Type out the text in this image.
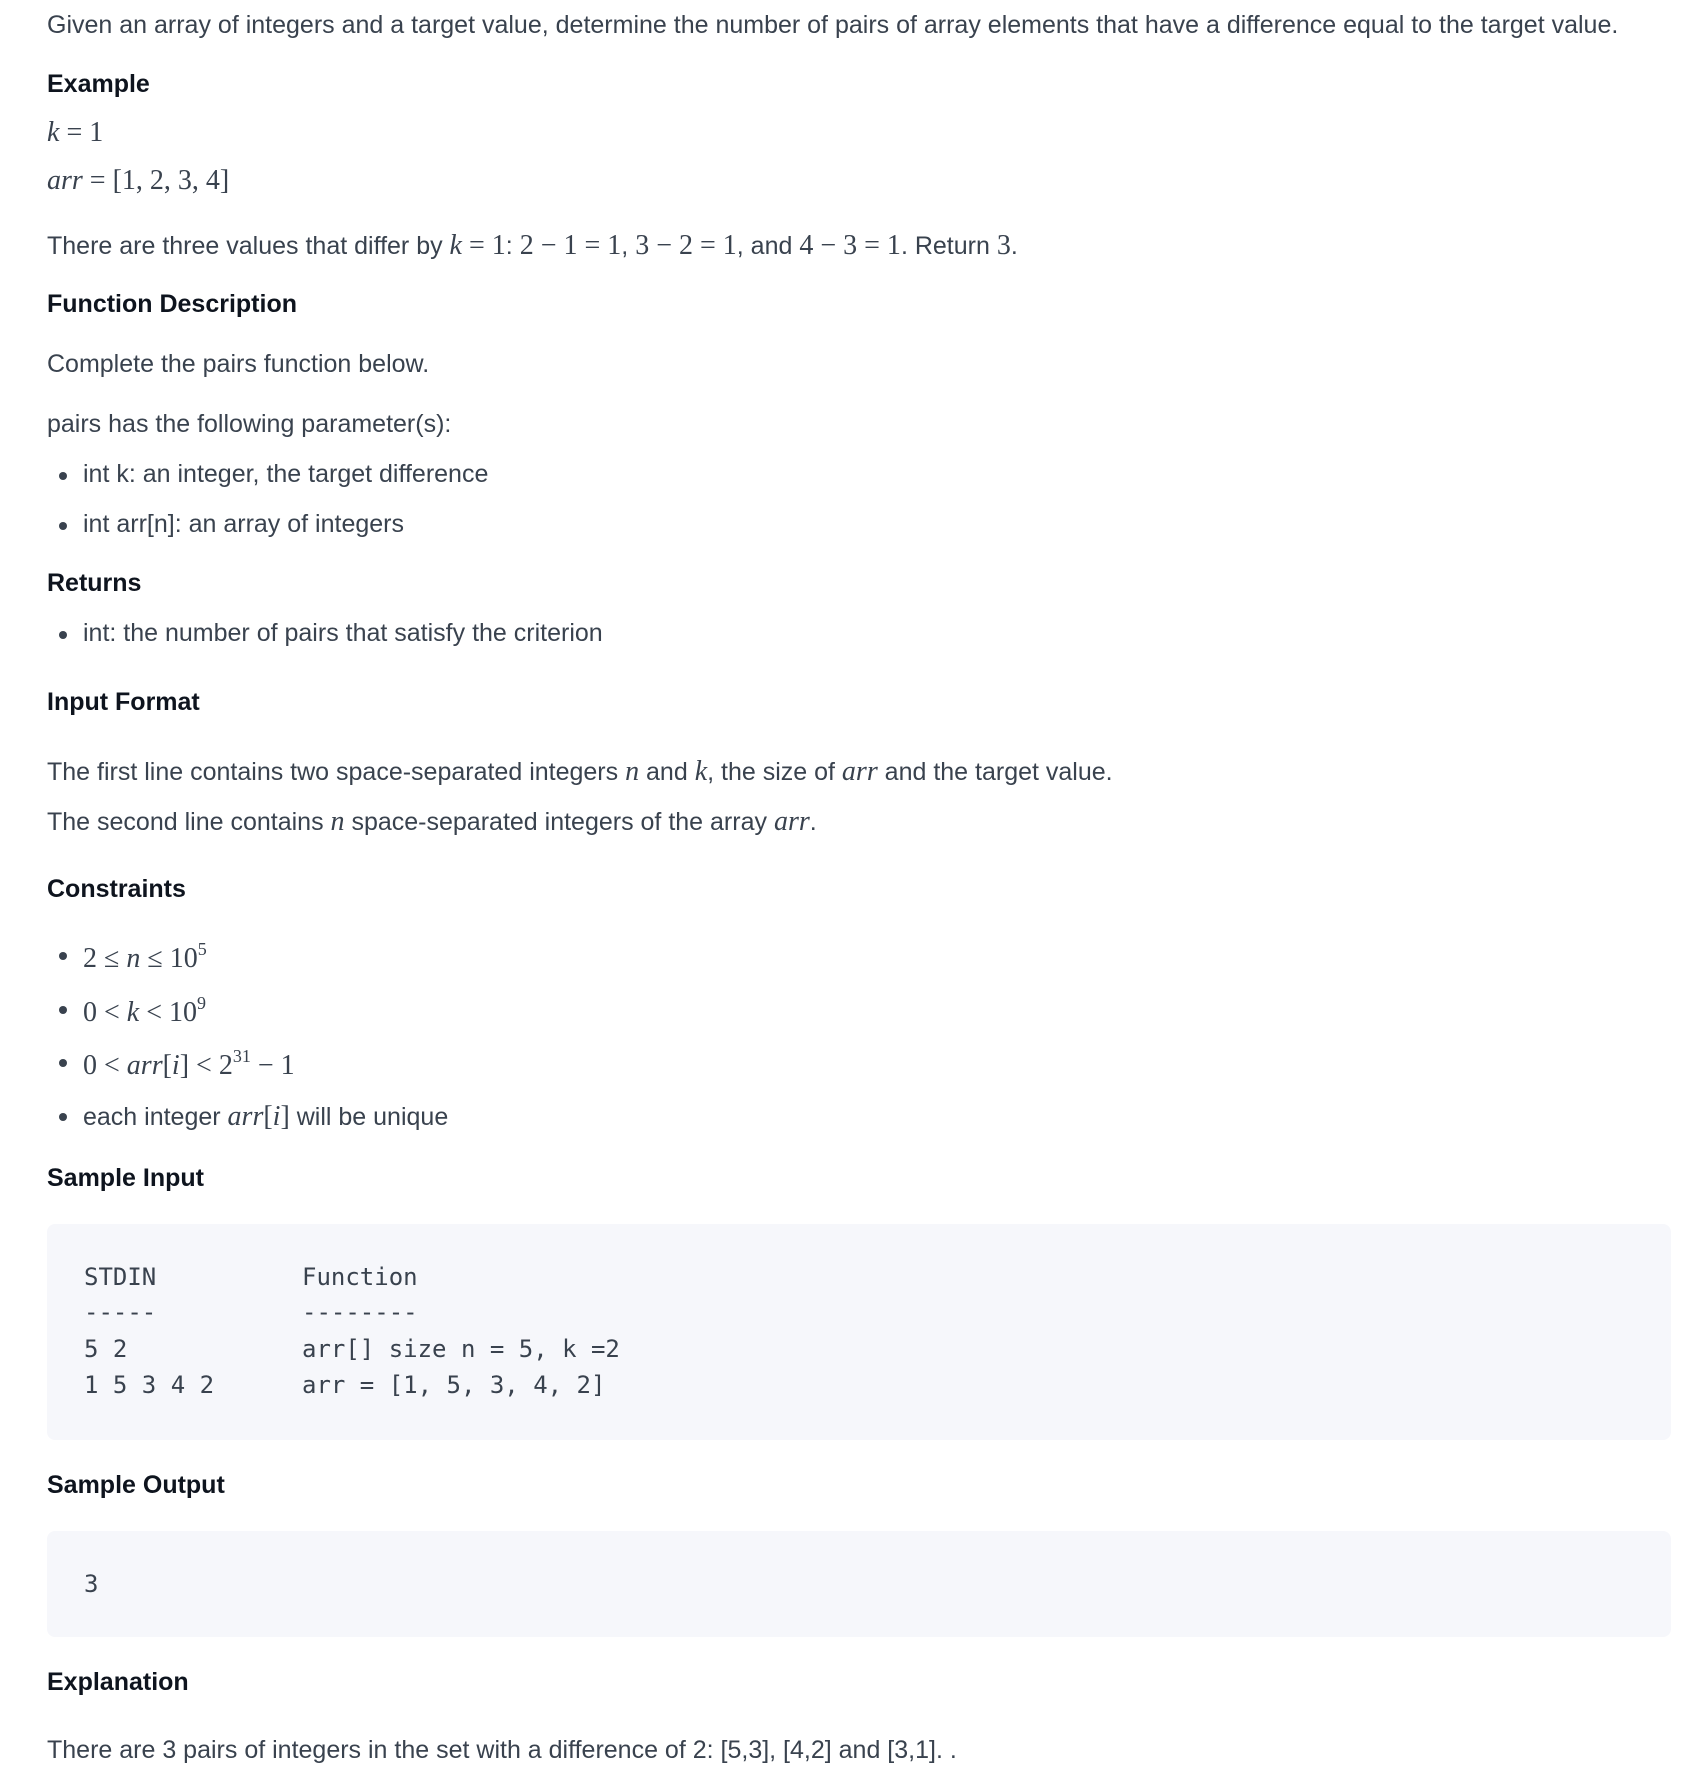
Given an array of integers and a target value, determine the number of pairs of array elements that have a difference equal to the target value.

Example

k = 1

arr = [1, 2, 3, 4]

There are three values that differ by k = 1: 2 − 1 = 1, 3 − 2 = 1, and 4 − 3 = 1. Return 3.

Function Description

Complete the pairs function below.

pairs has the following parameter(s):

int k: an integer, the target difference
int arr[n]: an array of integers
Returns
int: the number of pairs that satisfy the criterion
Input Format

The first line contains two space-separated integers n and k, the size of arr and the target value.

The second line contains n space-separated integers of the array arr.

Constraints
$2 \le n \le 10^5$
$0 < k < 10^9$
$0 < arr[i] < 2^{31} - 1$
each integer arr[i] will be unique
Sample Input
STDIN	Function
-----	--------
5 2	arr[] size n = 5, k =2
1 5 3 4 2	arr = [1, 5, 3, 4, 2]
Sample Output
3
Explanation

There are 3 pairs of integers in the set with a difference of 2: [5,3], [4,2] and [3,1]. .
